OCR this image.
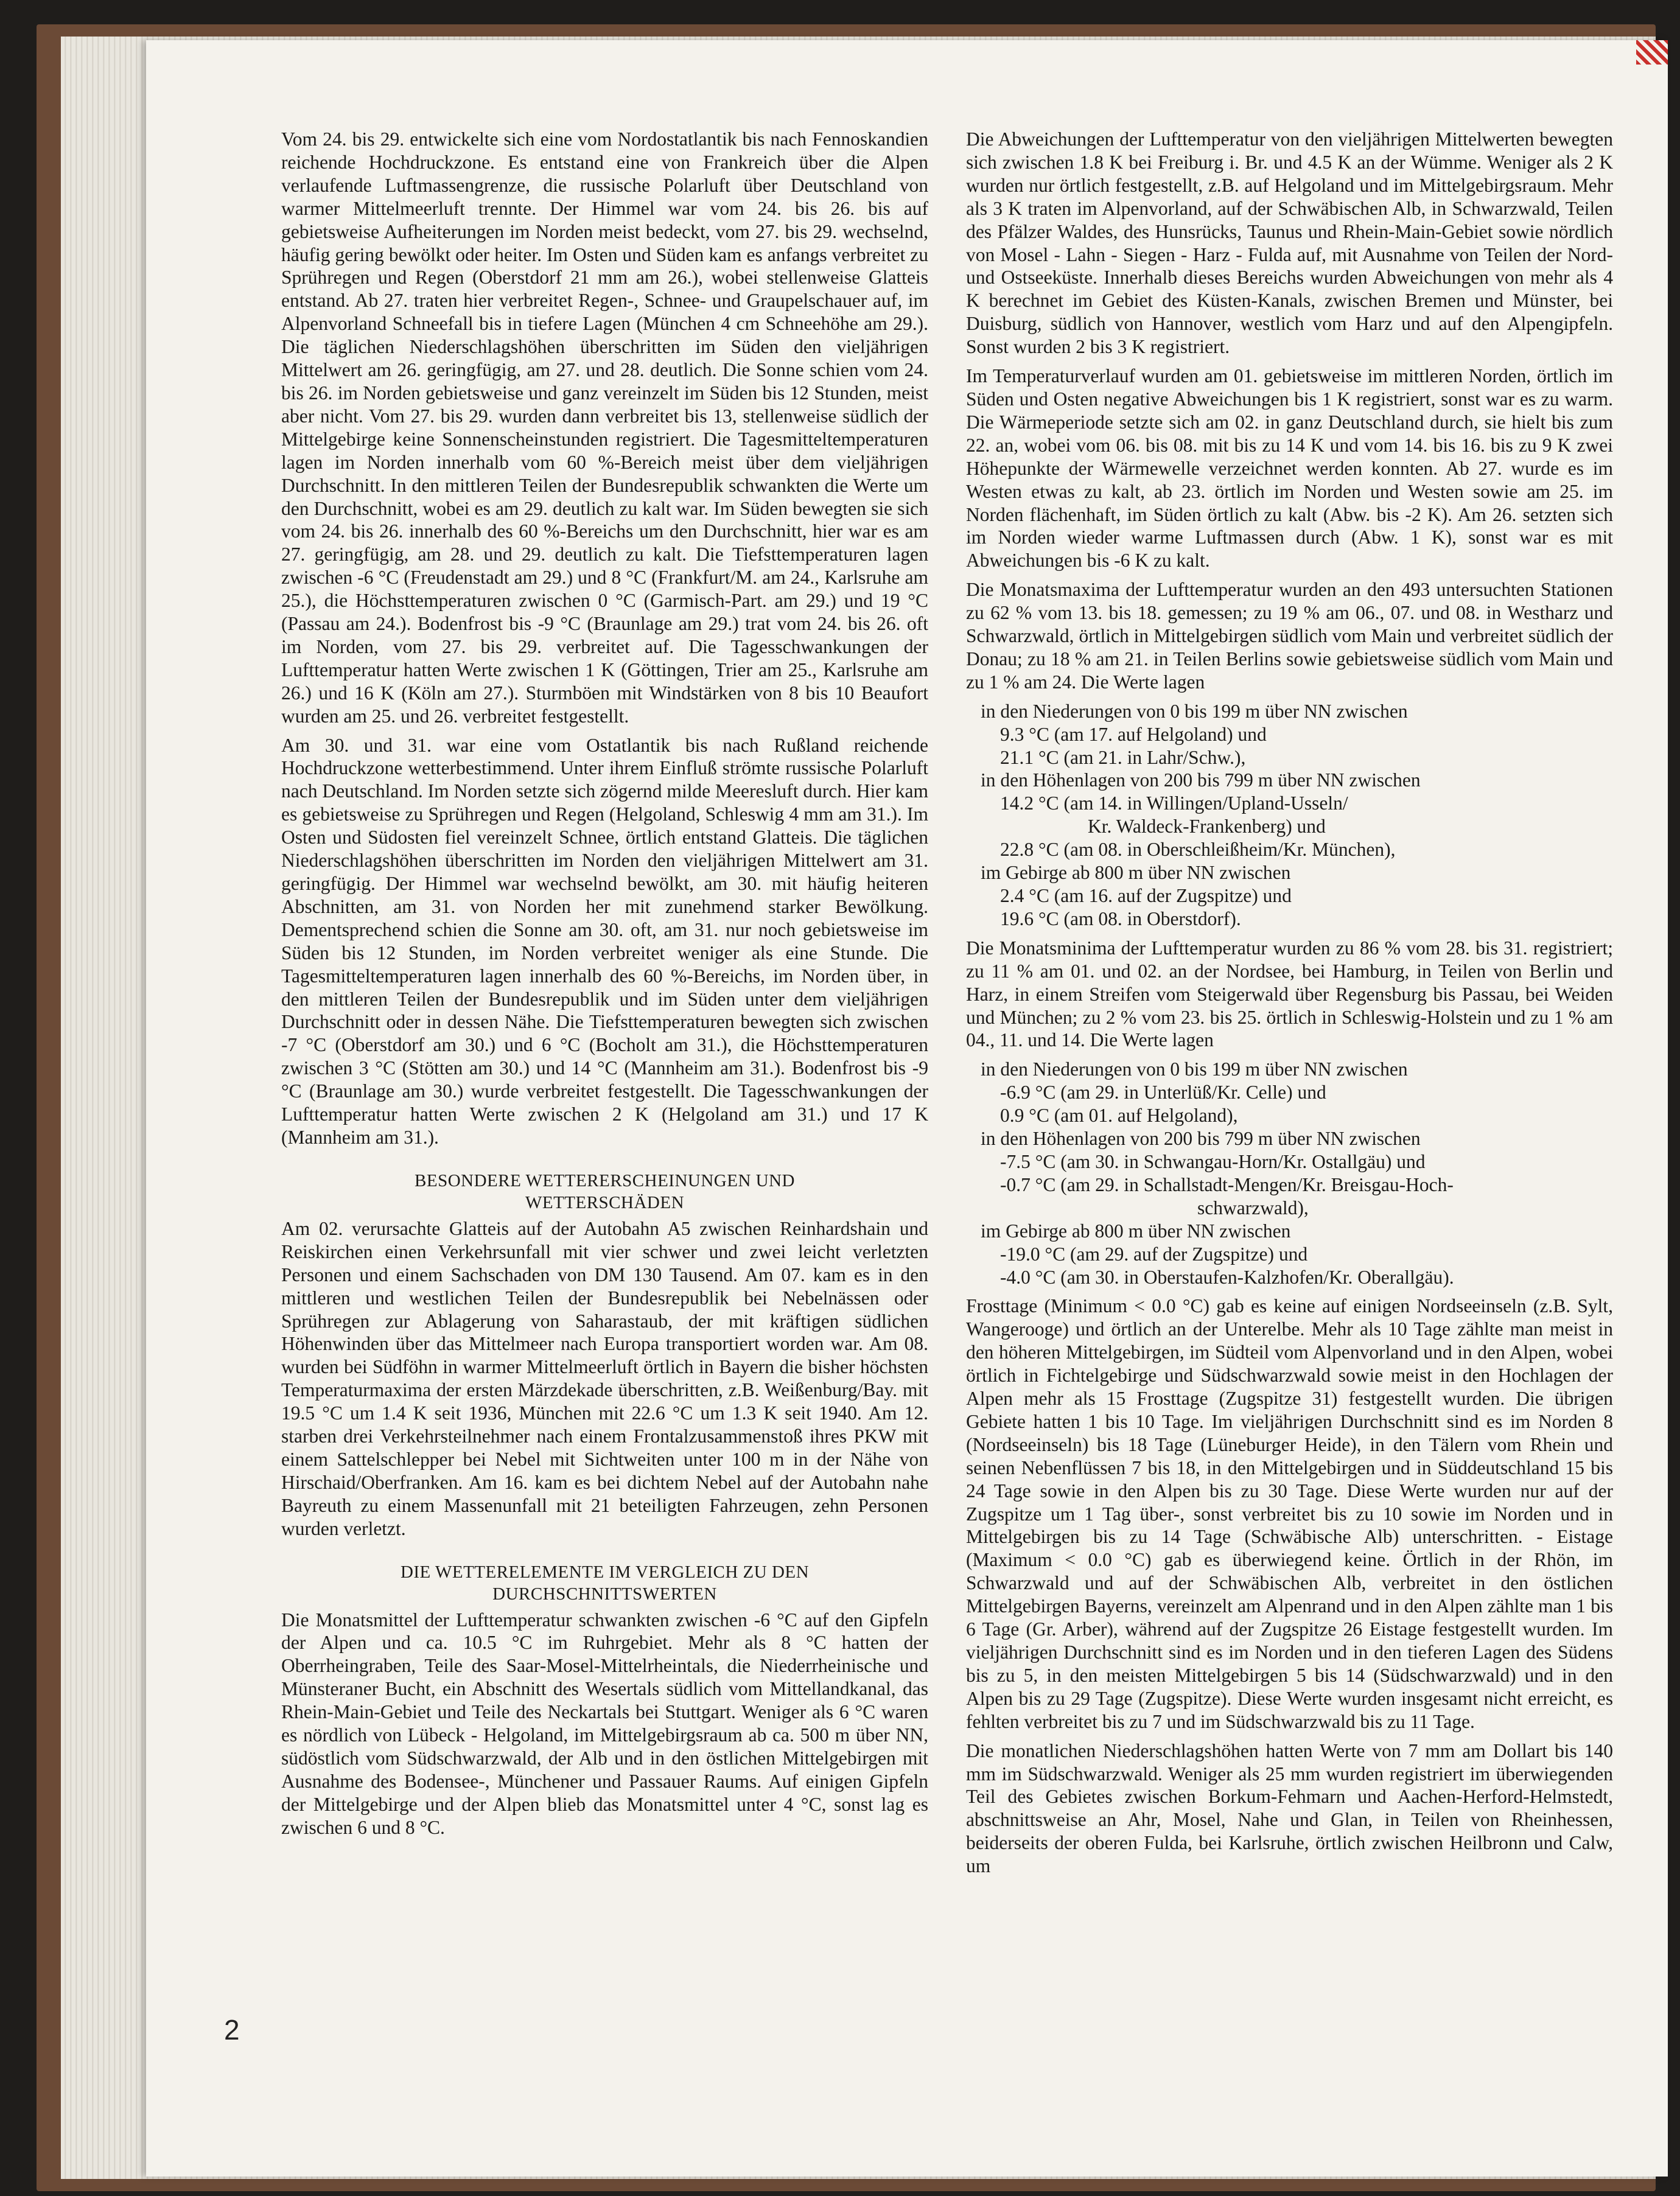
Vom 24. bis 29. entwickelte sich eine vom Nordostatlantik bis nach Fennoskandien reichende Hochdruckzone. Es entstand eine von Frankreich über die Alpen verlaufende Luftmassengrenze, die russische Polarluft über Deutschland von warmer Mittelmeerluft trennte. Der Himmel war vom 24. bis 26. bis auf gebietsweise Aufheiterungen im Norden meist bedeckt, vom 27. bis 29. wechselnd, häufig gering bewölkt oder heiter. Im Osten und Süden kam es anfangs verbreitet zu Sprühregen und Regen (Oberstdorf 21 mm am 26.), wobei stellenweise Glatteis entstand. Ab 27. traten hier verbreitet Regen-, Schnee- und Graupelschauer auf, im Alpenvorland Schneefall bis in tiefere Lagen (München 4 cm Schneehöhe am 29.). Die täglichen Niederschlagshöhen überschritten im Süden den vieljährigen Mittelwert am 26. geringfügig, am 27. und 28. deutlich. Die Sonne schien vom 24. bis 26. im Norden gebietsweise und ganz vereinzelt im Süden bis 12 Stunden, meist aber nicht. Vom 27. bis 29. wurden dann verbreitet bis 13, stellenweise südlich der Mittelgebirge keine Sonnenscheinstunden registriert. Die Tagesmitteltemperaturen lagen im Norden innerhalb vom 60 %-Bereich meist über dem vieljährigen Durchschnitt. In den mittleren Teilen der Bundesrepublik schwankten die Werte um den Durchschnitt, wobei es am 29. deutlich zu kalt war. Im Süden bewegten sie sich vom 24. bis 26. innerhalb des 60 %-Bereichs um den Durchschnitt, hier war es am 27. geringfügig, am 28. und 29. deutlich zu kalt. Die Tiefsttemperaturen lagen zwischen -6 °C (Freudenstadt am 29.) und 8 °C (Frankfurt/M. am 24., Karlsruhe am 25.), die Höchsttemperaturen zwischen 0 °C (Garmisch-Part. am 29.) und 19 °C (Passau am 24.). Bodenfrost bis -9 °C (Braunlage am 29.) trat vom 24. bis 26. oft im Norden, vom 27. bis 29. verbreitet auf. Die Tagesschwankungen der Lufttemperatur hatten Werte zwischen 1 K (Göttingen, Trier am 25., Karlsruhe am 26.) und 16 K (Köln am 27.). Sturmböen mit Windstärken von 8 bis 10 Beaufort wurden am 25. und 26. verbreitet festgestellt.

Am 30. und 31. war eine vom Ostatlantik bis nach Rußland reichende Hochdruckzone wetterbestimmend. Unter ihrem Einfluß strömte russische Polarluft nach Deutschland. Im Norden setzte sich zögernd milde Meeresluft durch. Hier kam es gebietsweise zu Sprühregen und Regen (Helgoland, Schleswig 4 mm am 31.). Im Osten und Südosten fiel vereinzelt Schnee, örtlich entstand Glatteis. Die täglichen Niederschlagshöhen überschritten im Norden den vieljährigen Mittelwert am 31. geringfügig. Der Himmel war wechselnd bewölkt, am 30. mit häufig heiteren Abschnitten, am 31. von Norden her mit zunehmend starker Bewölkung. Dementsprechend schien die Sonne am 30. oft, am 31. nur noch gebietsweise im Süden bis 12 Stunden, im Norden verbreitet weniger als eine Stunde. Die Tagesmitteltemperaturen lagen innerhalb des 60 %-Bereichs, im Norden über, in den mittleren Teilen der Bundesrepublik und im Süden unter dem vieljährigen Durchschnitt oder in dessen Nähe. Die Tiefsttemperaturen bewegten sich zwischen -7 °C (Oberstdorf am 30.) und 6 °C (Bocholt am 31.), die Höchsttemperaturen zwischen 3 °C (Stötten am 30.) und 14 °C (Mannheim am 31.). Bodenfrost bis -9 °C (Braunlage am 30.) wurde verbreitet festgestellt. Die Tagesschwankungen der Lufttemperatur hatten Werte zwischen 2 K (Helgoland am 31.) und 17 K (Mannheim am 31.).

BESONDERE WETTERERSCHEINUNGEN UND
WETTERSCHÄDEN

Am 02. verursachte Glatteis auf der Autobahn A5 zwischen Reinhardshain und Reiskirchen einen Verkehrsunfall mit vier schwer und zwei leicht verletzten Personen und einem Sachschaden von DM 130 Tausend. Am 07. kam es in den mittleren und westlichen Teilen der Bundesrepublik bei Nebelnässen oder Sprühregen zur Ablagerung von Saharastaub, der mit kräftigen südlichen Höhenwinden über das Mittelmeer nach Europa transportiert worden war. Am 08. wurden bei Südföhn in warmer Mittelmeerluft örtlich in Bayern die bisher höchsten Temperaturmaxima der ersten Märzdekade überschritten, z.B. Weißenburg/Bay. mit 19.5 °C um 1.4 K seit 1936, München mit 22.6 °C um 1.3 K seit 1940. Am 12. starben drei Verkehrsteilnehmer nach einem Frontalzusammenstoß ihres PKW mit einem Sattelschlepper bei Nebel mit Sichtweiten unter 100 m in der Nähe von Hirschaid/Oberfranken. Am 16. kam es bei dichtem Nebel auf der Autobahn nahe Bayreuth zu einem Massenunfall mit 21 beteiligten Fahrzeugen, zehn Personen wurden verletzt.

DIE WETTERELEMENTE IM VERGLEICH ZU DEN
DURCHSCHNITTSWERTEN

Die Monatsmittel der Lufttemperatur schwankten zwischen -6 °C auf den Gipfeln der Alpen und ca. 10.5 °C im Ruhrgebiet. Mehr als 8 °C hatten der Oberrheingraben, Teile des Saar-Mosel-Mittelrheintals, die Niederrheinische und Münsteraner Bucht, ein Abschnitt des Wesertals südlich vom Mittellandkanal, das Rhein-Main-Gebiet und Teile des Neckartals bei Stuttgart. Weniger als 6 °C waren es nördlich von Lübeck - Helgoland, im Mittelgebirgsraum ab ca. 500 m über NN, südöstlich vom Südschwarzwald, der Alb und in den östlichen Mittelgebirgen mit Ausnahme des Bodensee-, Münchener und Passauer Raums. Auf einigen Gipfeln der Mittelgebirge und der Alpen blieb das Monatsmittel unter 4 °C, sonst lag es zwischen 6 und 8 °C.

Die Abweichungen der Lufttemperatur von den vieljährigen Mittelwerten bewegten sich zwischen 1.8 K bei Freiburg i. Br. und 4.5 K an der Wümme. Weniger als 2 K wurden nur örtlich festgestellt, z.B. auf Helgoland und im Mittelgebirgsraum. Mehr als 3 K traten im Alpenvorland, auf der Schwäbischen Alb, in Schwarzwald, Teilen des Pfälzer Waldes, des Hunsrücks, Taunus und Rhein-Main-Gebiet sowie nördlich von Mosel - Lahn - Siegen - Harz - Fulda auf, mit Ausnahme von Teilen der Nord- und Ostseeküste. Innerhalb dieses Bereichs wurden Abweichungen von mehr als 4 K berechnet im Gebiet des Küsten-Kanals, zwischen Bremen und Münster, bei Duisburg, südlich von Hannover, westlich vom Harz und auf den Alpengipfeln. Sonst wurden 2 bis 3 K registriert.

Im Temperaturverlauf wurden am 01. gebietsweise im mittleren Norden, örtlich im Süden und Osten negative Abweichungen bis 1 K registriert, sonst war es zu warm. Die Wärmeperiode setzte sich am 02. in ganz Deutschland durch, sie hielt bis zum 22. an, wobei vom 06. bis 08. mit bis zu 14 K und vom 14. bis 16. bis zu 9 K zwei Höhepunkte der Wärmewelle verzeichnet werden konnten. Ab 27. wurde es im Westen etwas zu kalt, ab 23. örtlich im Norden und Westen sowie am 25. im Norden flächenhaft, im Süden örtlich zu kalt (Abw. bis -2 K). Am 26. setzten sich im Norden wieder warme Luftmassen durch (Abw. 1 K), sonst war es mit Abweichungen bis -6 K zu kalt.

Die Monatsmaxima der Lufttemperatur wurden an den 493 untersuchten Stationen zu 62 % vom 13. bis 18. gemessen; zu 19 % am 06., 07. und 08. in Westharz und Schwarzwald, örtlich in Mittelgebirgen südlich vom Main und verbreitet südlich der Donau; zu 18 % am 21. in Teilen Berlins sowie gebietsweise südlich vom Main und zu 1 % am 24. Die Werte lagen

in den Niederungen von 0 bis 199 m über NN zwischen
9.3 °C (am 17. auf Helgoland) und
21.1 °C (am 21. in Lahr/Schw.),
in den Höhenlagen von 200 bis 799 m über NN zwischen
14.2 °C (am 14. in Willingen/Upland-Usseln/
Kr. Waldeck-Frankenberg) und
22.8 °C (am 08. in Oberschleißheim/Kr. München),
im Gebirge ab 800 m über NN zwischen
2.4 °C (am 16. auf der Zugspitze) und
19.6 °C (am 08. in Oberstdorf).

Die Monatsminima der Lufttemperatur wurden zu 86 % vom 28. bis 31. registriert; zu 11 % am 01. und 02. an der Nordsee, bei Hamburg, in Teilen von Berlin und Harz, in einem Streifen vom Steigerwald über Regensburg bis Passau, bei Weiden und München; zu 2 % vom 23. bis 25. örtlich in Schleswig-Holstein und zu 1 % am 04., 11. und 14. Die Werte lagen

in den Niederungen von 0 bis 199 m über NN zwischen
-6.9 °C (am 29. in Unterlüß/Kr. Celle) und
0.9 °C (am 01. auf Helgoland),
in den Höhenlagen von 200 bis 799 m über NN zwischen
-7.5 °C (am 30. in Schwangau-Horn/Kr. Ostallgäu) und
-0.7 °C (am 29. in Schallstadt-Mengen/Kr. Breisgau-Hoch-
schwarzwald),
im Gebirge ab 800 m über NN zwischen
-19.0 °C (am 29. auf der Zugspitze) und
-4.0 °C (am 30. in Oberstaufen-Kalzhofen/Kr. Oberallgäu).

Frosttage (Minimum < 0.0 °C) gab es keine auf einigen Nordseeinseln (z.B. Sylt, Wangerooge) und örtlich an der Unterelbe. Mehr als 10 Tage zählte man meist in den höheren Mittelgebirgen, im Südteil vom Alpenvorland und in den Alpen, wobei örtlich in Fichtelgebirge und Südschwarzwald sowie meist in den Hochlagen der Alpen mehr als 15 Frosttage (Zugspitze 31) festgestellt wurden. Die übrigen Gebiete hatten 1 bis 10 Tage. Im vieljährigen Durchschnitt sind es im Norden 8 (Nordseeinseln) bis 18 Tage (Lüneburger Heide), in den Tälern vom Rhein und seinen Nebenflüssen 7 bis 18, in den Mittelgebirgen und in Süddeutschland 15 bis 24 Tage sowie in den Alpen bis zu 30 Tage. Diese Werte wurden nur auf der Zugspitze um 1 Tag über-, sonst verbreitet bis zu 10 sowie im Norden und in Mittelgebirgen bis zu 14 Tage (Schwäbische Alb) unterschritten. - Eistage (Maximum < 0.0 °C) gab es überwiegend keine. Örtlich in der Rhön, im Schwarzwald und auf der Schwäbischen Alb, verbreitet in den östlichen Mittelgebirgen Bayerns, vereinzelt am Alpenrand und in den Alpen zählte man 1 bis 6 Tage (Gr. Arber), während auf der Zugspitze 26 Eistage festgestellt wurden. Im vieljährigen Durchschnitt sind es im Norden und in den tieferen Lagen des Südens bis zu 5, in den meisten Mittelgebirgen 5 bis 14 (Südschwarzwald) und in den Alpen bis zu 29 Tage (Zugspitze). Diese Werte wurden insgesamt nicht erreicht, es fehlten verbreitet bis zu 7 und im Südschwarzwald bis zu 11 Tage.

Die monatlichen Niederschlagshöhen hatten Werte von 7 mm am Dollart bis 140 mm im Südschwarzwald. Weniger als 25 mm wurden registriert im überwiegenden Teil des Gebietes zwischen Borkum-Fehmarn und Aachen-Herford-Helmstedt, abschnittsweise an Ahr, Mosel, Nahe und Glan, in Teilen von Rheinhessen, beiderseits der oberen Fulda, bei Karlsruhe, örtlich zwischen Heilbronn und Calw, um

2
